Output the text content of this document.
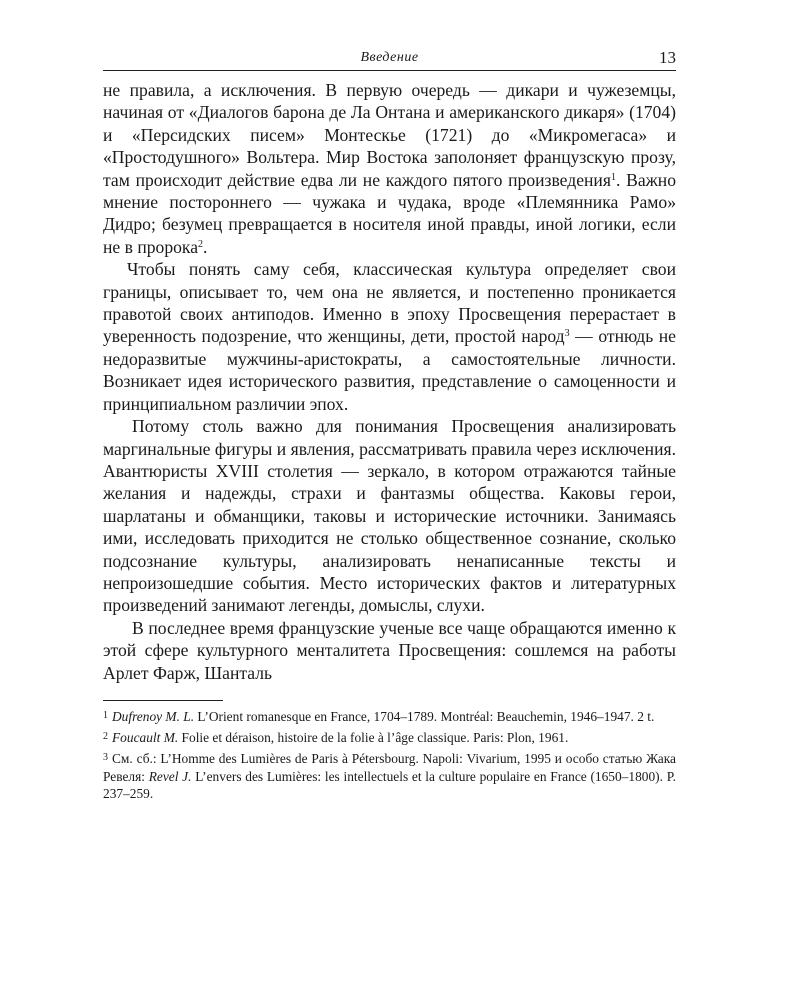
Введение	13

не правила, а исключения. В первую очередь — дикари и чужеземцы, начиная от «Диалогов барона де Ла Онтана и американского дикаря» (1704) и «Персидских писем» Монтескье (1721) до «Микромегаса» и «Простодушного» Вольтера. Мир Востока заполоняет французскую прозу, там происходит действие едва ли не каждого пятого произведения$^1$. Важно мнение постороннего — чужака и чудака, вроде «Племянника Рамо» Дидро; безумец превращается в носителя иной правды, иной логики, если не в пророка$^2$.

Чтобы понять саму себя, классическая культура определяет свои границы, описывает то, чем она не является, и постепенно проникается правотой своих антиподов. Именно в эпоху Просвещения перерастает в уверенность подозрение, что женщины, дети, простой народ$^3$ — отнюдь не недоразвитые мужчины-аристократы, а самостоятельные личности. Возникает идея исторического развития, представление о самоценности и принципиальном различии эпох.

Потому столь важно для понимания Просвещения анализировать маргинальные фигуры и явления, рассматривать правила через исключения. Авантюристы XVIII столетия — зеркало, в котором отражаются тайные желания и надежды, страхи и фантазмы общества. Каковы герои, шарлатаны и обманщики, таковы и исторические источники. Занимаясь ими, исследовать приходится не столько общественное сознание, сколько подсознание культуры, анализировать ненаписанные тексты и непроизошедшие события. Место исторических фактов и литературных произведений занимают легенды, домыслы, слухи.

В последнее время французские ученые все чаще обращаются именно к этой сфере культурного менталитета Просвещения: сошлемся на работы Арлет Фарж, Шанталь

$^1$ Dufrenoy M. L. L’Orient romanesque en France, 1704–1789. Montréal: Beauchemin, 1946–1947. 2 t.
$^2$ Foucault M. Folie et déraison, histoire de la folie à l’âge classique. Paris: Plon, 1961.
$^3$ См. сб.: L’Homme des Lumières de Paris à Pétersbourg. Napoli: Vivarium, 1995 и особо статью Жака Ревеля: Revel J. L’envers des Lumières: les intellectuels et la culture populaire en France (1650–1800). P. 237–259.
